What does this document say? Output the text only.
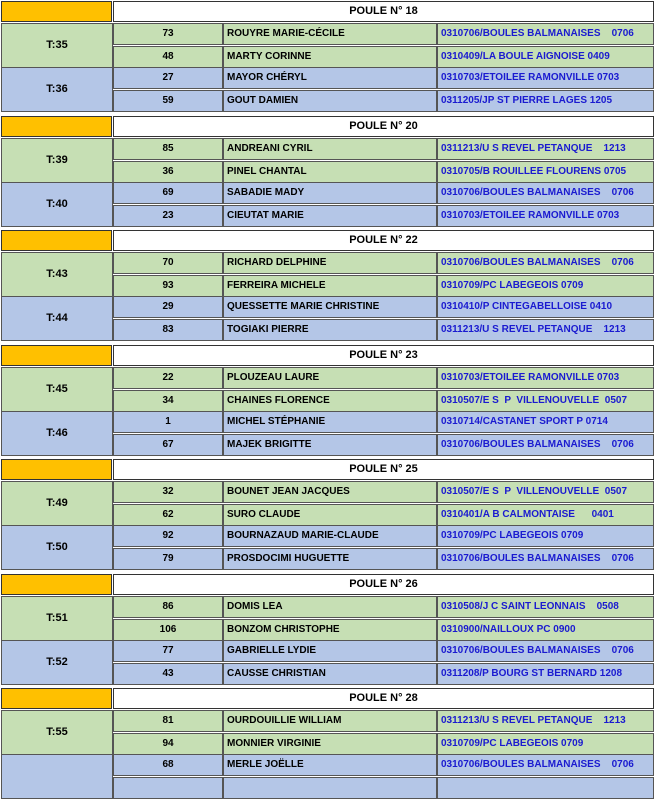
POULE N° 18
T:35
73	ROUYRE MARIE-CÉCILE	0310706/BOULES BALMANAISES    0706
48	MARTY CORINNE	0310409/LA BOULE AIGNOISE 0409
T:36
27	MAYOR CHÉRYL	0310703/ETOILEE RAMONVILLE 0703
59	GOUT DAMIEN	0311205/JP ST PIERRE LAGES 1205
POULE N° 20
T:39
85	ANDREANI CYRIL	0311213/U S REVEL PETANQUE    1213
36	PINEL CHANTAL	0310705/B ROUILLEE FLOURENS 0705
T:40
69	SABADIE MADY	0310706/BOULES BALMANAISES    0706
23	CIEUTAT MARIE	0310703/ETOILEE RAMONVILLE 0703
POULE N° 22
T:43
70	RICHARD DELPHINE	0310706/BOULES BALMANAISES    0706
93	FERREIRA MICHELE	0310709/PC LABEGEOIS 0709
T:44
29	QUESSETTE MARIE CHRISTINE	0310410/P CINTEGABELLOISE 0410
83	TOGIAKI PIERRE	0311213/U S REVEL PETANQUE    1213
POULE N° 23
T:45
22	PLOUZEAU LAURE	0310703/ETOILEE RAMONVILLE 0703
34	CHAINES FLORENCE	0310507/E S  P  VILLENOUVELLE  0507
T:46
1	MICHEL STÉPHANIE	0310714/CASTANET SPORT P 0714
67	MAJEK BRIGITTE	0310706/BOULES BALMANAISES    0706
POULE N° 25
T:49
32	BOUNET JEAN JACQUES	0310507/E S  P  VILLENOUVELLE  0507
62	SURO CLAUDE	0310401/A B CALMONTAISE      0401
T:50
92	BOURNAZAUD MARIE-CLAUDE	0310709/PC LABEGEOIS 0709
79	PROSDOCIMI HUGUETTE	0310706/BOULES BALMANAISES    0706
POULE N° 26
T:51
86	DOMIS LEA	0310508/J C SAINT LEONNAIS    0508
106	BONZOM CHRISTOPHE	0310900/NAILLOUX PC 0900
T:52
77	GABRIELLE LYDIE	0310706/BOULES BALMANAISES    0706
43	CAUSSE CHRISTIAN	0311208/P BOURG ST BERNARD 1208
POULE N° 28
T:55
81	OURDOUILLIE WILLIAM	0311213/U S REVEL PETANQUE    1213
94	MONNIER VIRGINIE	0310709/PC LABEGEOIS 0709
68	MERLE JOËLLE	0310706/BOULES BALMANAISES    0706
